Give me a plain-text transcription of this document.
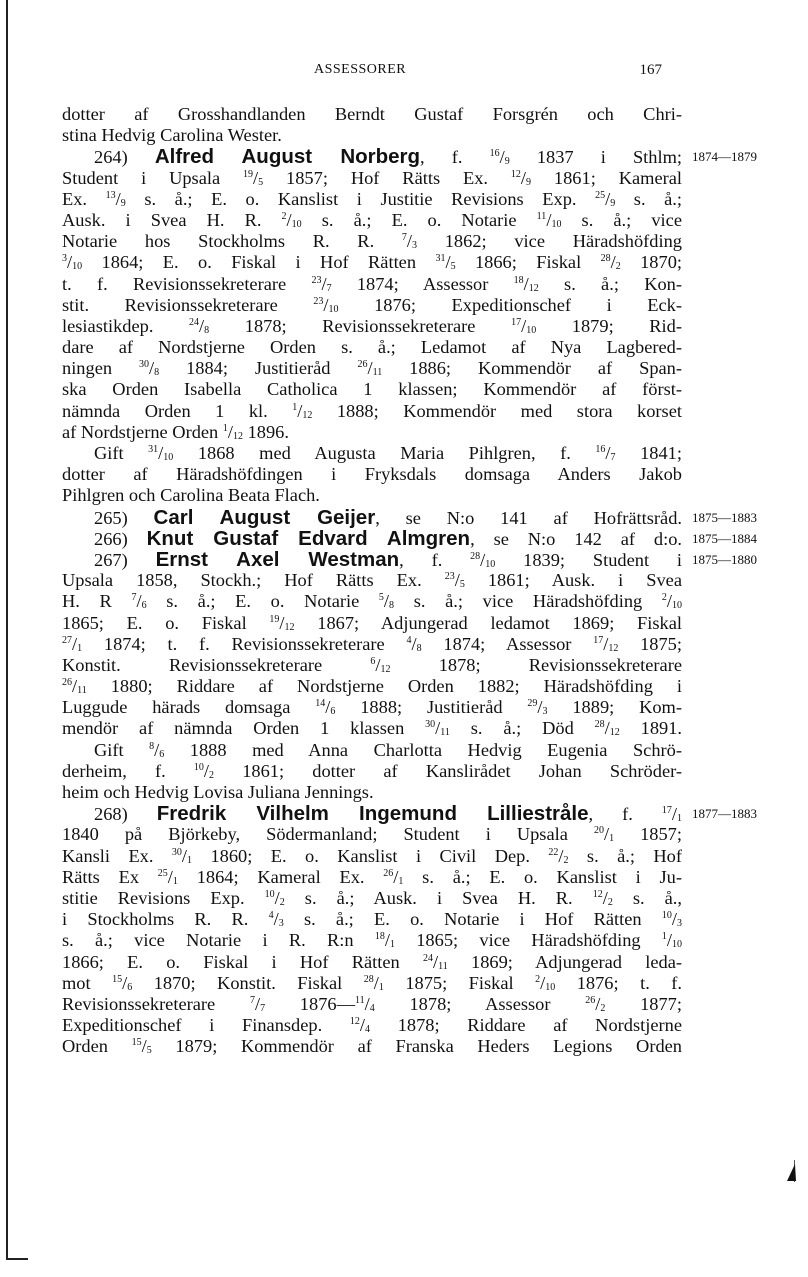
ASSESSORER	167
dotter af Grosshandlanden Berndt Gustaf Forsgrén och Chri-
stina Hedvig Carolina Wester.
264) Alfred August Norberg, f. $^{16}/_9$ 1837 i Sthlm; 1874—1879
Student i Upsala $^{19}/_5$ 1857; Hof Rätts Ex. $^{12}/_9$ 1861; Kameral
Ex. $^{13}/_9$ s. å.; E. o. Kanslist i Justitie Revisions Exp. $^{25}/_9$ s. å.;
Ausk. i Svea H. R. $^2/_{10}$ s. å.; E. o. Notarie $^{11}/_{10}$ s. å.; vice
Notarie hos Stockholms R. R. $^7/_3$ 1862; vice Häradshöfding
$^3/_{10}$ 1864; E. o. Fiskal i Hof Rätten $^{31}/_5$ 1866; Fiskal $^{28}/_2$ 1870;
t. f. Revisionssekreterare $^{23}/_7$ 1874; Assessor $^{18}/_{12}$ s. å.; Kon-
stit. Revisionssekreterare $^{23}/_{10}$ 1876; Expeditionschef i Eck-
lesiastikdep. $^{24}/_8$ 1878; Revisionssekreterare $^{17}/_{10}$ 1879; Rid-
dare af Nordstjerne Orden s. å.; Ledamot af Nya Lagbered-
ningen $^{30}/_8$ 1884; Justitieråd $^{26}/_{11}$ 1886; Kommendör af Span-
ska Orden Isabella Catholica 1 klassen; Kommendör af först-
nämnda Orden 1 kl. $^1/_{12}$ 1888; Kommendör med stora korset
af Nordstjerne Orden $^1/_{12}$ 1896.
Gift $^{31}/_{10}$ 1868 med Augusta Maria Pihlgren, f. $^{16}/_7$ 1841;
dotter af Häradshöfdingen i Fryksdals domsaga Anders Jakob
Pihlgren och Carolina Beata Flach.
265) Carl August Geijer, se N:o 141 af Hofrättsråd. 1875—1883
266) Knut Gustaf Edvard Almgren, se N:o 142 af d:o. 1875—1884
267) Ernst Axel Westman, f. $^{28}/_{10}$ 1839; Student i 1875—1880
Upsala 1858, Stockh.; Hof Rätts Ex. $^{23}/_5$ 1861; Ausk. i Svea
H. R $^7/_6$ s. å.; E. o. Notarie $^5/_8$ s. å.; vice Häradshöfding $^2/_{10}$
1865; E. o. Fiskal $^{19}/_{12}$ 1867; Adjungerad ledamot 1869; Fiskal
$^{27}/_1$ 1874; t. f. Revisionssekreterare $^4/_8$ 1874; Assessor $^{17}/_{12}$ 1875;
Konstit. Revisionssekreterare $^6/_{12}$ 1878; Revisionssekreterare
$^{26}/_{11}$ 1880; Riddare af Nordstjerne Orden 1882; Häradshöfding i
Luggude härads domsaga $^{14}/_6$ 1888; Justitieråd $^{29}/_3$ 1889; Kom-
mendör af nämnda Orden 1 klassen $^{30}/_{11}$ s. å.; Död $^{28}/_{12}$ 1891.
Gift $^8/_6$ 1888 med Anna Charlotta Hedvig Eugenia Schrö-
derheim, f. $^{10}/_2$ 1861; dotter af Kanslirådet Johan Schröder-
heim och Hedvig Lovisa Juliana Jennings.
268) Fredrik Vilhelm Ingemund Lilliestråle, f. $^{17}/_1$ 1877—1883
1840 på Björkeby, Södermanland; Student i Upsala $^{20}/_1$ 1857;
Kansli Ex. $^{30}/_1$ 1860; E. o. Kanslist i Civil Dep. $^{22}/_2$ s. å.; Hof
Rätts Ex $^{25}/_1$ 1864; Kameral Ex. $^{26}/_1$ s. å.; E. o. Kanslist i Ju-
stitie Revisions Exp. $^{10}/_2$ s. å.; Ausk. i Svea H. R. $^{12}/_2$ s. å.,
i Stockholms R. R. $^4/_3$ s. å.; E. o. Notarie i Hof Rätten $^{10}/_3$
s. å.; vice Notarie i R. R:n $^{18}/_1$ 1865; vice Häradshöfding $^1/_{10}$
1866; E. o. Fiskal i Hof Rätten $^{24}/_{11}$ 1869; Adjungerad leda-
mot $^{15}/_6$ 1870; Konstit. Fiskal $^{28}/_1$ 1875; Fiskal $^2/_{10}$ 1876; t. f.
Revisionssekreterare $^7/_7$ $1876—^{11}/_4$ 1878; Assessor $^{26}/_2$ 1877;
Expeditionschef i Finansdep. $^{12}/_4$ 1878; Riddare af Nordstjerne
Orden $^{15}/_5$ 1879; Kommendör af Franska Heders Legions Orden
